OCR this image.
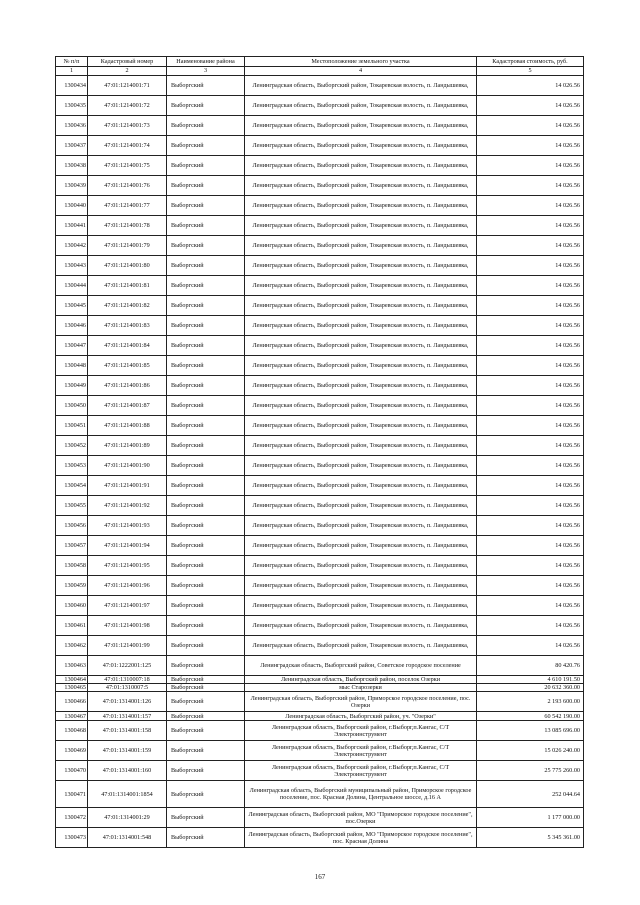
№ п/п	Кадастровый номер	Наименование района	Местоположение земельного участка	Кадастровая стоимость, руб.
1	2	3	4	5
1300434	47:01:1214001:71	Выборгский	Ленинградская область, Выборгский район, Токаревская волость, п. Ландышевка,	14 026.56
1300435	47:01:1214001:72	Выборгский	Ленинградская область, Выборгский район, Токаревская волость, п. Ландышевка,	14 026.56
1300436	47:01:1214001:73	Выборгский	Ленинградская область, Выборгский район, Токаревская волость, п. Ландышевка,	14 026.56
1300437	47:01:1214001:74	Выборгский	Ленинградская область, Выборгский район, Токаревская волость, п. Ландышевка,	14 026.56
1300438	47:01:1214001:75	Выборгский	Ленинградская область, Выборгский район, Токаревская волость, п. Ландышевка,	14 026.56
1300439	47:01:1214001:76	Выборгский	Ленинградская область, Выборгский район, Токаревская волость, п. Ландышевка,	14 026.56
1300440	47:01:1214001:77	Выборгский	Ленинградская область, Выборгский район, Токаревская волость, п. Ландышевка,	14 026.56
1300441	47:01:1214001:78	Выборгский	Ленинградская область, Выборгский район, Токаревская волость, п. Ландышевка,	14 026.56
1300442	47:01:1214001:79	Выборгский	Ленинградская область, Выборгский район, Токаревская волость, п. Ландышевка,	14 026.56
1300443	47:01:1214001:80	Выборгский	Ленинградская область, Выборгский район, Токаревская волость, п. Ландышевка,	14 026.56
1300444	47:01:1214001:81	Выборгский	Ленинградская область, Выборгский район, Токаревская волость, п. Ландышевка,	14 026.56
1300445	47:01:1214001:82	Выборгский	Ленинградская область, Выборгский район, Токаревская волость, п. Ландышевка,	14 026.56
1300446	47:01:1214001:83	Выборгский	Ленинградская область, Выборгский район, Токаревская волость, п. Ландышевка,	14 026.56
1300447	47:01:1214001:84	Выборгский	Ленинградская область, Выборгский район, Токаревская волость, п. Ландышевка,	14 026.56
1300448	47:01:1214001:85	Выборгский	Ленинградская область, Выборгский район, Токаревская волость, п. Ландышевка,	14 026.56
1300449	47:01:1214001:86	Выборгский	Ленинградская область, Выборгский район, Токаревская волость, п. Ландышевка,	14 026.56
1300450	47:01:1214001:87	Выборгский	Ленинградская область, Выборгский район, Токаревская волость, п. Ландышевка,	14 026.56
1300451	47:01:1214001:88	Выборгский	Ленинградская область, Выборгский район, Токаревская волость, п. Ландышевка,	14 026.56
1300452	47:01:1214001:89	Выборгский	Ленинградская область, Выборгский район, Токаревская волость, п. Ландышевка,	14 026.56
1300453	47:01:1214001:90	Выборгский	Ленинградская область, Выборгский район, Токаревская волость, п. Ландышевка,	14 026.56
1300454	47:01:1214001:91	Выборгский	Ленинградская область, Выборгский район, Токаревская волость, п. Ландышевка,	14 026.56
1300455	47:01:1214001:92	Выборгский	Ленинградская область, Выборгский район, Токаревская волость, п. Ландышевка,	14 026.56
1300456	47:01:1214001:93	Выборгский	Ленинградская область, Выборгский район, Токаревская волость, п. Ландышевка,	14 026.56
1300457	47:01:1214001:94	Выборгский	Ленинградская область, Выборгский район, Токаревская волость, п. Ландышевка,	14 026.56
1300458	47:01:1214001:95	Выборгский	Ленинградская область, Выборгский район, Токаревская волость, п. Ландышевка,	14 026.56
1300459	47:01:1214001:96	Выборгский	Ленинградская область, Выборгский район, Токаревская волость, п. Ландышевка,	14 026.56
1300460	47:01:1214001:97	Выборгский	Ленинградская область, Выборгский район, Токаревская волость, п. Ландышевка,	14 026.56
1300461	47:01:1214001:98	Выборгский	Ленинградская область, Выборгский район, Токаревская волость, п. Ландышевка,	14 026.56
1300462	47:01:1214001:99	Выборгский	Ленинградская область, Выборгский район, Токаревская волость, п. Ландышевка,	14 026.56
1300463	47:01:1222001:125	Выборгский	Ленинградская область, Выборгский район, Советское городское поселение	80 420.76
1300464	47:01:1310007:18	Выборгский	Ленинградская область, Выборгский район, поселок Озерки	4 610 191.50
1300465	47:01:1310007:5	Выборгский	мыс Старозерки	20 632 360.00
1300466	47:01:1314001:126	Выборгский	Ленинградская область, Выборгский район, Приморское городское поселение, пос. Озерки	2 193 600.00
1300467	47:01:1314001:157	Выборгский	Ленинградская область, Выборгский район, уч. "Озерки"	60 542 190.00
1300468	47:01:1314001:158	Выборгский	Ленинградская область, Выборгский район, г.Выборг,п.Кангас, С/Т Электроинструмент	13 085 696.00
1300469	47:01:1314001:159	Выборгский	Ленинградская область, Выборгский район, г.Выборг,п.Кангас, С/Т Электроинструмент	15 026 240.00
1300470	47:01:1314001:160	Выборгский	Ленинградская область, Выборгский район, г.Выборг,п.Кангас, С/Т Электроинструмент	25 775 260.00
1300471	47:01:1314001:1854	Выборгский	Ленинградская область, Выборгский муниципальный район, Приморское городское поселение, пос. Красная Долина, Центральное шоссе, д.16 А	252 044.64
1300472	47:01:1314001:29	Выборгский	Ленинградская область, Выборгский район, МО "Приморское городское поселение", пос.Озерки	1 177 000.00
1300473	47:01:1314001:548	Выборгский	Ленинградская область, Выборгский район, МО "Приморское городское поселение", пос. Красная Долина	5 345 361.00
167
